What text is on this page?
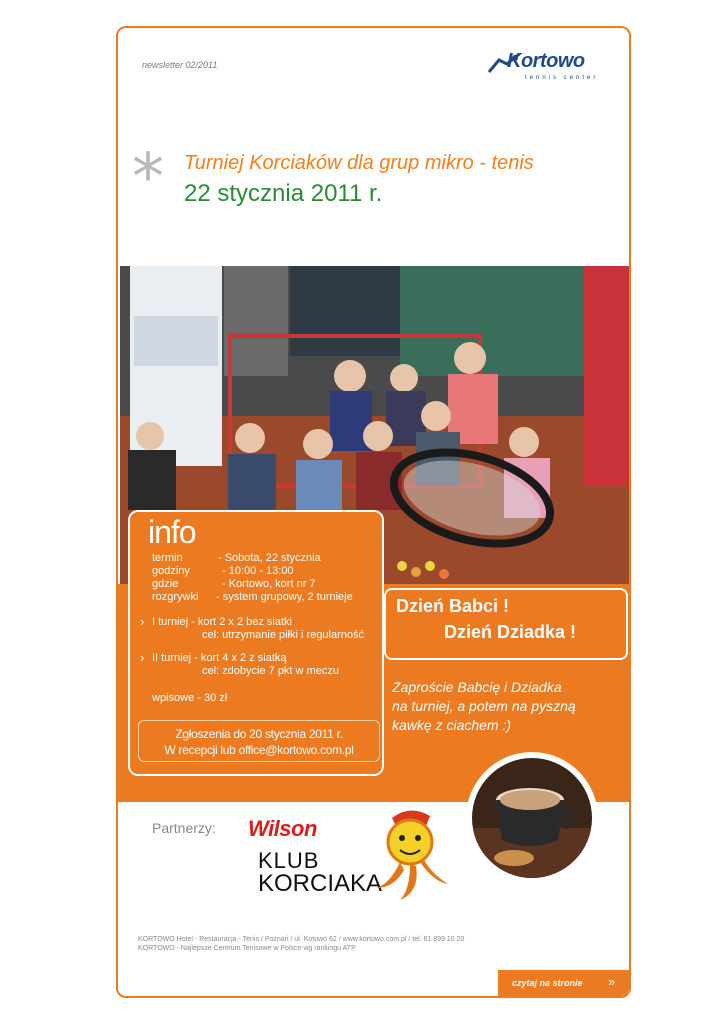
newsletter 02/2011	Kortowo
tennis center
* Turniej Korciaków dla grup mikro - tenis
22 stycznia 2011 r.
info
termin	- Sobota, 22 stycznia
godziny	- 10:00 - 13:00
gdzie	- Kortowo, kort nr 7
rozgrywki - system grupowy, 2 turnieje
› I turniej - kort 2 x 2 bez siatki
cel: utrzymanie piłki i regularność
› II turniej - kort 4 x 2 z siatką
cel: zdobycie 7 pkt w meczu
wpisowe - 30 zł
Zgłoszenia do 20 stycznia 2011 r.
W recepcji lub office@kortowo.com.pl
Dzień Babci !
Dzień Dziadka !
Zaproście Babcię i Dziadka
na turniej, a potem na pyszną
kawkę z ciachem :)
Partnerzy: Wilson
KLUB
KORCIAKA
KORTOWO Hotel - Restauracja - Tenis / Poznań / ul. Kotowo 62 / www.kortowo.com.pl / tel. 61 899 10 20
KORTOWO - Najlepsze Centrum Tenisowe w Polsce wg rankingu ATP
czytaj na stronie »
